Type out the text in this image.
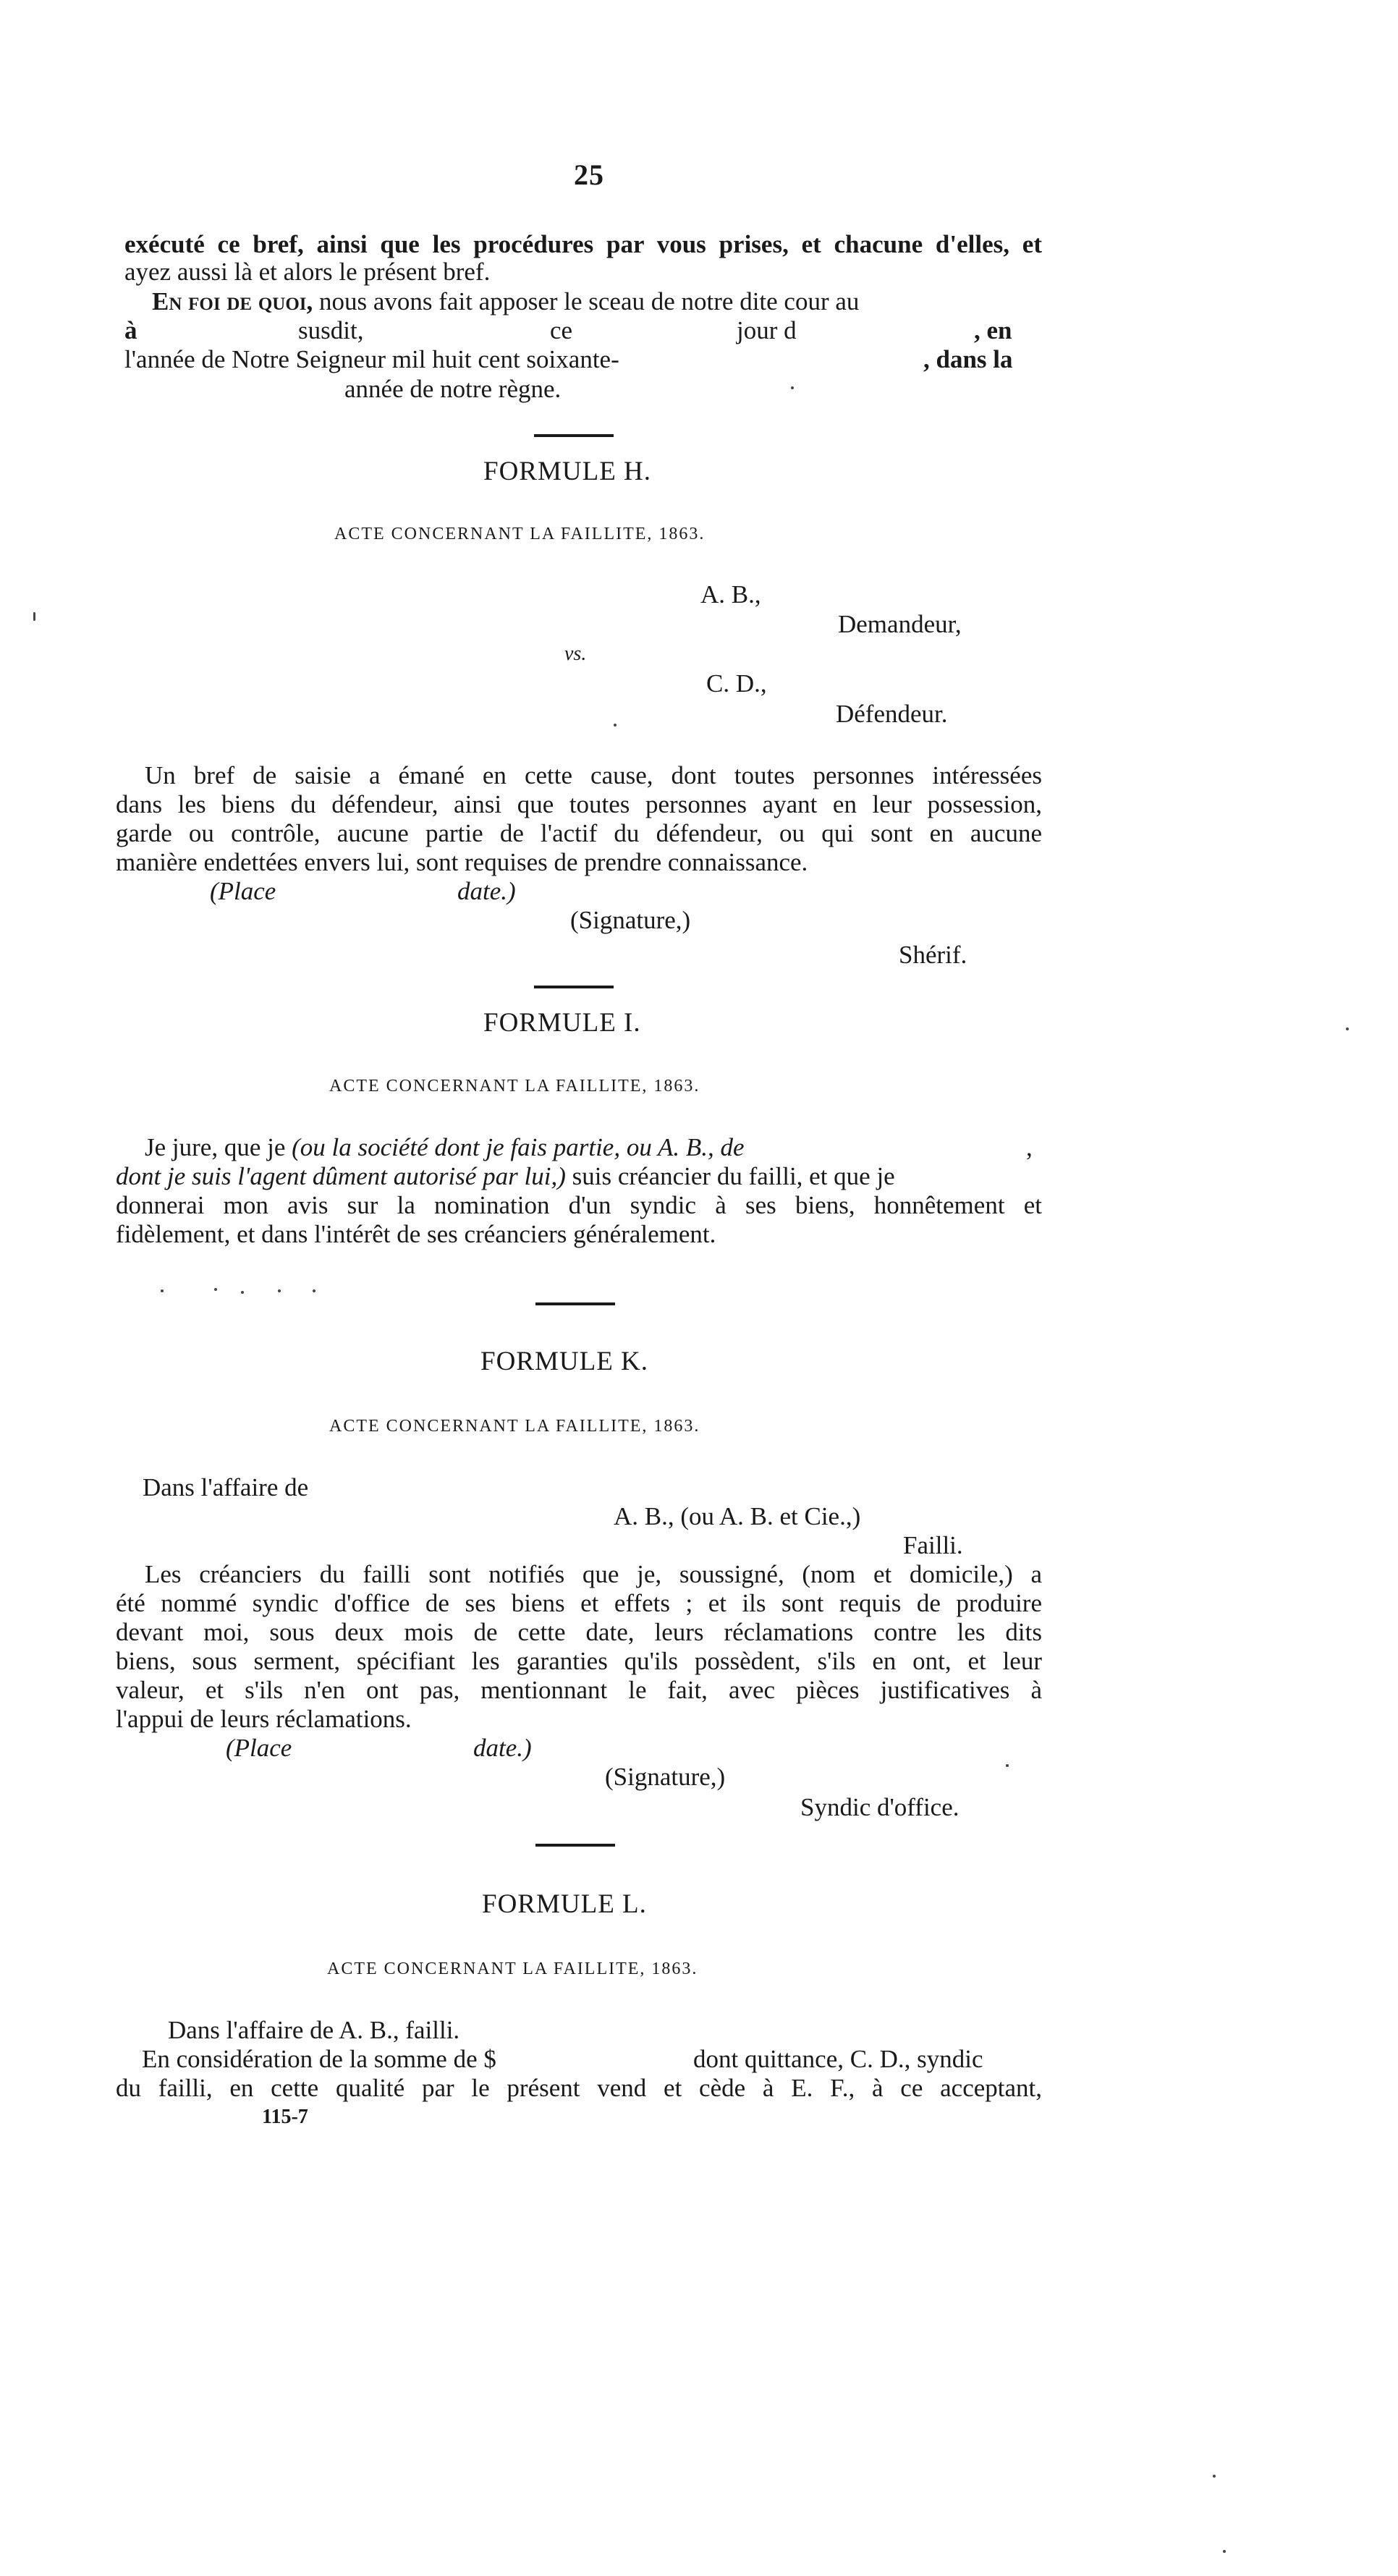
25
exécuté ce bref, ainsi que les procédures par vous prises, et chacune d'elles, et
ayez aussi là et alors le présent bref.
En foi de quoi, nous avons fait apposer le sceau de notre dite cour au
à	susdit,	ce	jour d	, en
l'année de Notre Seigneur mil huit cent soixante-	, dans la
année de notre règne.
FORMULE H.
ACTE CONCERNANT LA FAILLITE, 1863.
A. B.,
Demandeur,
vs.
C. D.,
Défendeur.
Un bref de saisie a émané en cette cause, dont toutes personnes intéressées
dans les biens du défendeur, ainsi que toutes personnes ayant en leur possession,
garde ou contrôle, aucune partie de l'actif du défendeur, ou qui sont en aucune
manière endettées envers lui, sont requises de prendre connaissance.
(Place	date.)
(Signature,)
Shérif.
FORMULE I.
ACTE CONCERNANT LA FAILLITE, 1863.
Je jure, que je (ou la société dont je fais partie, ou A. B., de	,
dont je suis l'agent dûment autorisé par lui,) suis créancier du failli, et que je
donnerai mon avis sur la nomination d'un syndic à ses biens, honnêtement et
fidèlement, et dans l'intérêt de ses créanciers généralement.
FORMULE K.
ACTE CONCERNANT LA FAILLITE, 1863.
Dans l'affaire de
A. B., (ou A. B. et Cie.,)
Failli.
Les créanciers du failli sont notifiés que je, soussigné, (nom et domicile,) a
été nommé syndic d'office de ses biens et effets ; et ils sont requis de produire
devant moi, sous deux mois de cette date, leurs réclamations contre les dits
biens, sous serment, spécifiant les garanties qu'ils possèdent, s'ils en ont, et leur
valeur, et s'ils n'en ont pas, mentionnant le fait, avec pièces justificatives à
l'appui de leurs réclamations.
(Place	date.)
(Signature,)
Syndic d'office.
FORMULE L.
ACTE CONCERNANT LA FAILLITE, 1863.
Dans l'affaire de A. B., failli.
En considération de la somme de $	dont quittance, C. D., syndic
du failli, en cette qualité par le présent vend et cède à E. F., à ce acceptant,
115-7
